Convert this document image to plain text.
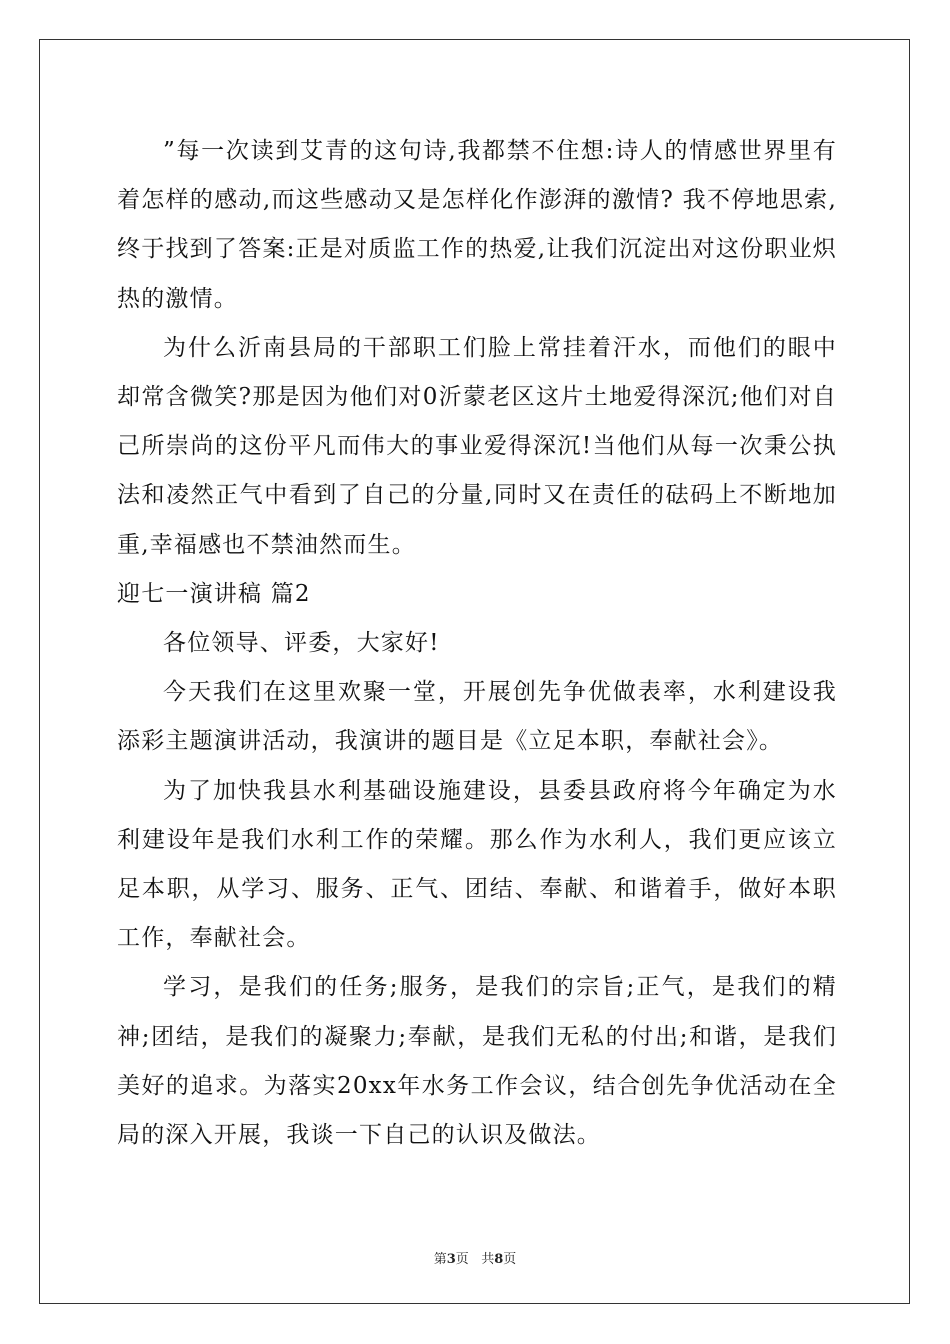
”每一次读到艾青的这句诗,我都禁不住想:诗人的情感世界里有着怎样的感动,而这些感动又是怎样化作澎湃的激情? 我不停地思索,终于找到了答案:正是对质监工作的热爱,让我们沉淀出对这份职业炽热的激情。

为什么沂南县局的干部职工们脸上常挂着汗水，而他们的眼中却常含微笑?那是因为他们对0沂蒙老区这片土地爱得深沉;他们对自己所崇尚的这份平凡而伟大的事业爱得深沉!当他们从每一次秉公执法和凌然正气中看到了自己的分量,同时又在责任的砝码上不断地加重,幸福感也不禁油然而生。

迎七一演讲稿 篇2

各位领导、评委，大家好!

今天我们在这里欢聚一堂，开展创先争优做表率，水利建设我添彩主题演讲活动，我演讲的题目是《立足本职，奉献社会》。

为了加快我县水利基础设施建设，县委县政府将今年确定为水利建设年是我们水利工作的荣耀。那么作为水利人，我们更应该立足本职，从学习、服务、正气、团结、奉献、和谐着手，做好本职工作，奉献社会。

学习，是我们的任务;服务，是我们的宗旨;正气，是我们的精神;团结，是我们的凝聚力;奉献，是我们无私的付出;和谐，是我们美好的追求。为落实20xx年水务工作会议，结合创先争优活动在全局的深入开展，我谈一下自己的认识及做法。

第3页 共8页
